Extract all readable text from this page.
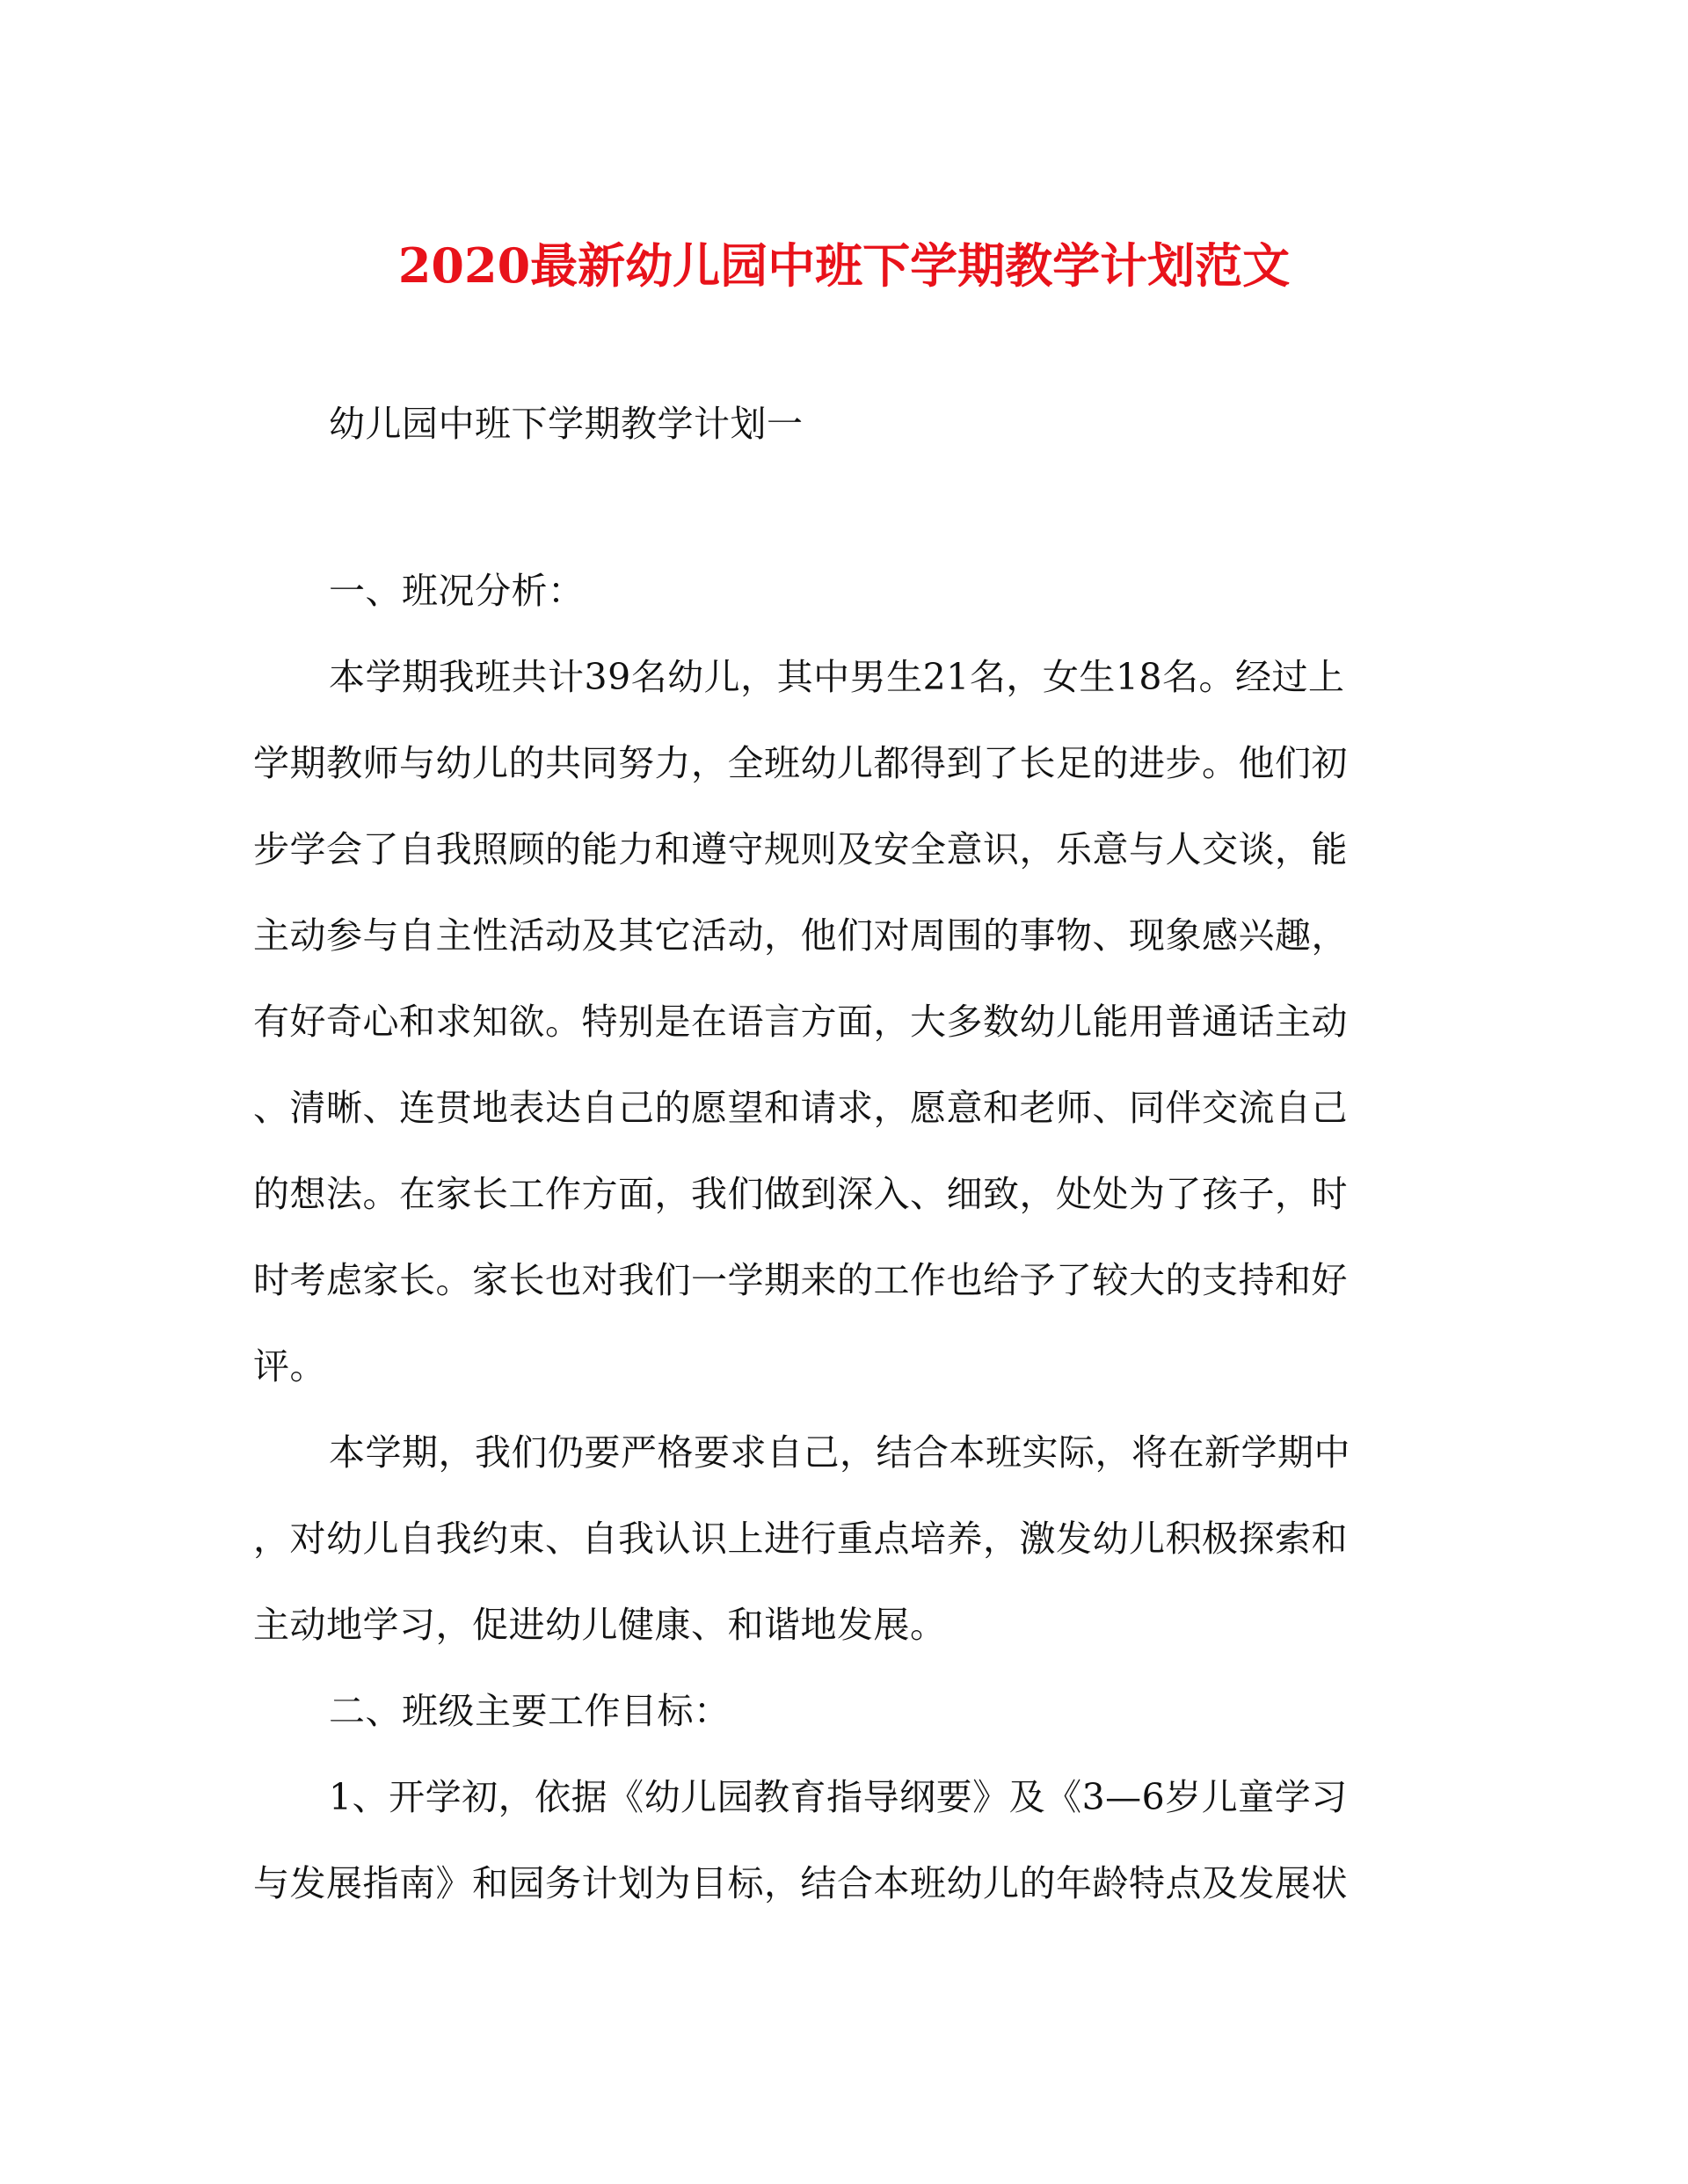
2020最新幼儿园中班下学期教学计划范文
幼儿园中班下学期教学计划一
一、班况分析：
本学期我班共计39名幼儿，其中男生21名，女生18名。经过上
学期教师与幼儿的共同努力，全班幼儿都得到了长足的进步。他们初
步学会了自我照顾的能力和遵守规则及安全意识，乐意与人交谈，能
主动参与自主性活动及其它活动，他们对周围的事物、现象感兴趣，
有好奇心和求知欲。特别是在语言方面，大多数幼儿能用普通话主动
、清晰、连贯地表达自己的愿望和请求，愿意和老师、同伴交流自己
的想法。在家长工作方面，我们做到深入、细致，处处为了孩子，时
时考虑家长。家长也对我们一学期来的工作也给予了较大的支持和好
评。
本学期，我们仍要严格要求自己，结合本班实际，将在新学期中
，对幼儿自我约束、自我认识上进行重点培养，激发幼儿积极探索和
主动地学习，促进幼儿健康、和谐地发展。
二、班级主要工作目标：
1、开学初，依据《幼儿园教育指导纲要》及《3—6岁儿童学习
与发展指南》和园务计划为目标，结合本班幼儿的年龄特点及发展状
